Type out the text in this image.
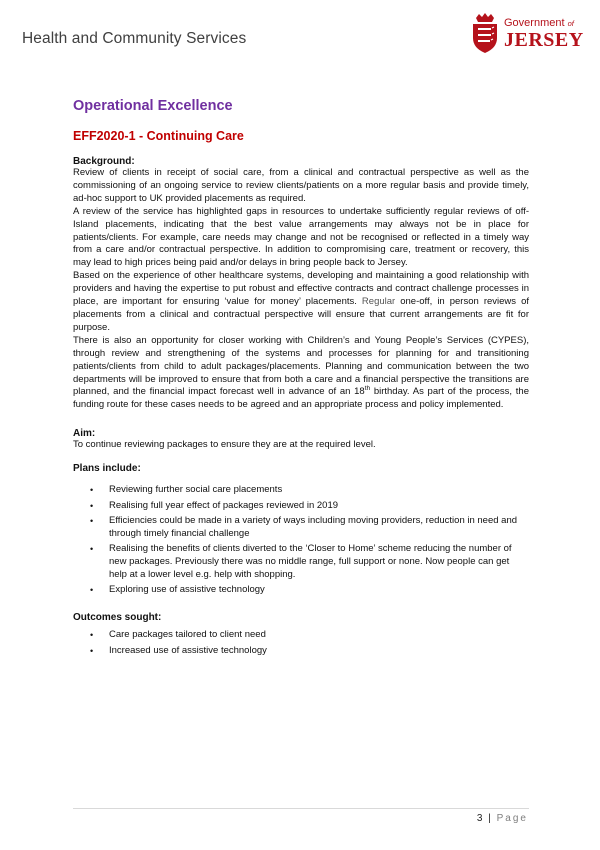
Health and Community Services
Government of
JERSEY
Operational Excellence
EFF2020-1 - Continuing Care
Background:

Review of clients in receipt of social care, from a clinical and contractual perspective as well as the commissioning of an ongoing service to review clients/patients on a more regular basis and provide timely, ad-hoc support to UK provided placements as required.

A review of the service has highlighted gaps in resources to undertake sufficiently regular reviews of off-Island placements, indicating that the best value arrangements may always not be in place for patients/clients. For example, care needs may change and not be recognised or reflected in a timely way from a care and/or contractual perspective. In addition to compromising care, treatment or recovery, this may lead to high prices being paid and/or delays in bring people back to Jersey.

Based on the experience of other healthcare systems, developing and maintaining a good relationship with providers and having the expertise to put robust and effective contracts and contract challenge processes in place, are important for ensuring ‘value for money’ placements. Regular one-off, in person reviews of placements from a clinical and contractual perspective will ensure that current arrangements are fit for purpose.

There is also an opportunity for closer working with Children’s and Young People’s Services (CYPES), through review and strengthening of the systems and processes for planning for and transitioning patients/clients from child to adult packages/placements. Planning and communication between the two departments will be improved to ensure that from both a care and a financial perspective the transitions are planned, and the financial impact forecast well in advance of an 18th birthday. As part of the process, the funding route for these cases needs to be agreed and an appropriate process and policy implemented.

Aim:

To continue reviewing packages to ensure they are at the required level.

Plans include:
• Reviewing further social care placements
• Realising full year effect of packages reviewed in 2019
• Efficiencies could be made in a variety of ways including moving providers, reduction in need and through timely financial challenge
• Realising the benefits of clients diverted to the ‘Closer to Home’ scheme reducing the number of new packages. Previously there was no middle range, full support or none. Now people can get help at a lower level e.g. help with shopping.
• Exploring use of assistive technology
Outcomes sought:
• Care packages tailored to client need
• Increased use of assistive technology
3 | Page
